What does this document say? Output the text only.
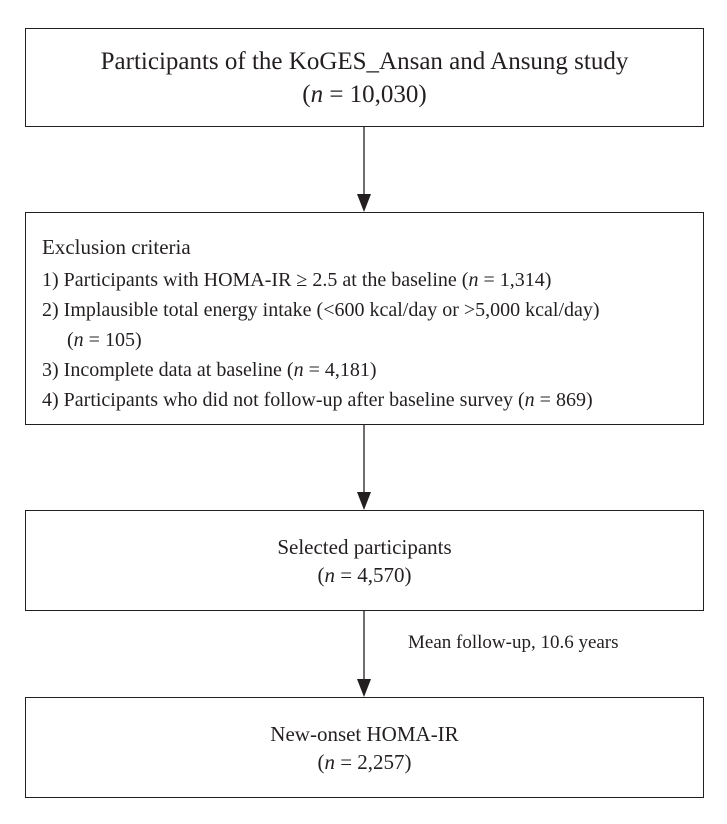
Participants of the KoGES_Ansan and Ansung study
(n = 10,030)
Exclusion criteria
1) Participants with HOMA-IR ≥ 2.5 at the baseline (n = 1,314)
2) Implausible total energy intake (<600 kcal/day or >5,000 kcal/day)
(n = 105)
3) Incomplete data at baseline (n = 4,181)
4) Participants who did not follow-up after baseline survey (n = 869)
Selected participants
(n = 4,570)
Mean follow-up, 10.6 years
New-onset HOMA-IR
(n = 2,257)
